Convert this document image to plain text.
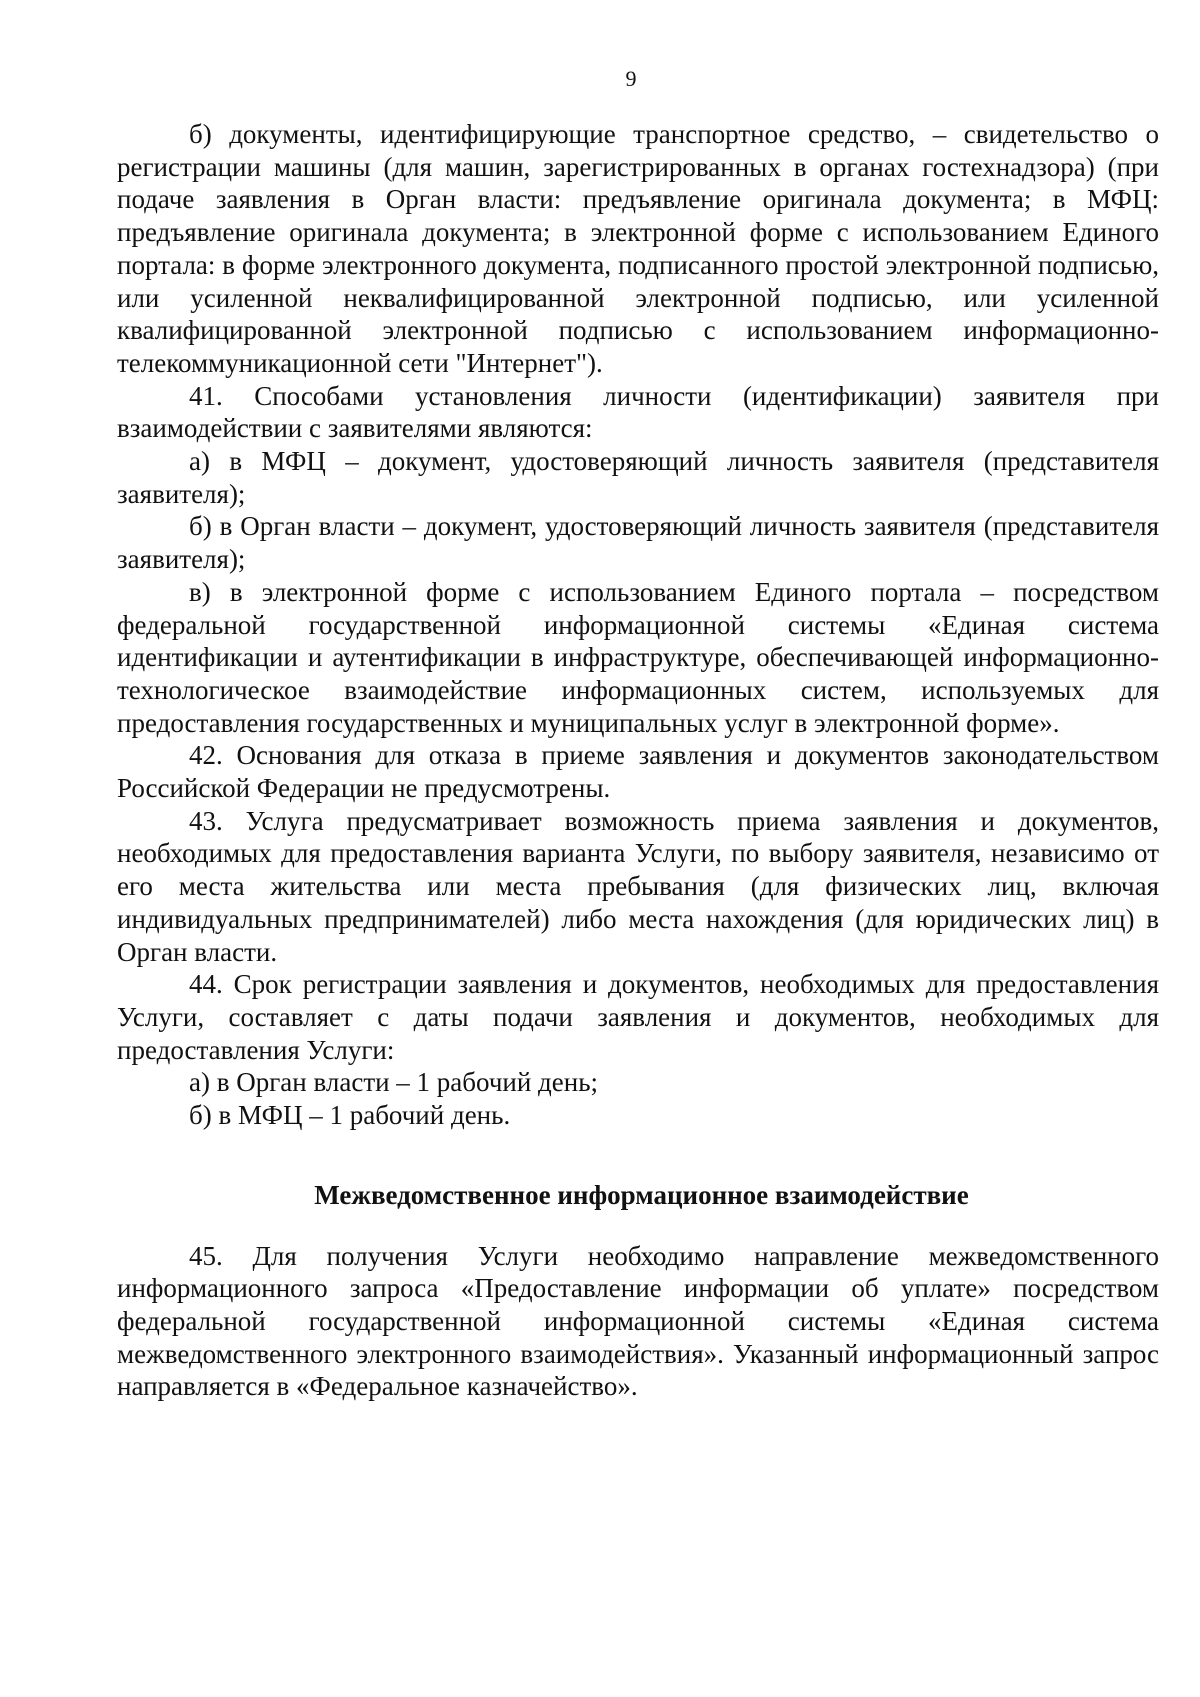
9

б) документы, идентифицирующие транспортное средство, – свидетельство о регистрации машины (для машин, зарегистрированных в органах гостехнадзора) (при подаче заявления в Орган власти: предъявление оригинала документа; в МФЦ: предъявление оригинала документа; в электронной форме с использованием Единого портала: в форме электронного документа, подписанного простой электронной подписью, или усиленной неквалифицированной электронной подписью, или усиленной квалифицированной электронной подписью с использованием информационно-телекоммуникационной сети "Интернет").

41. Способами установления личности (идентификации) заявителя при взаимодействии с заявителями являются:

а) в МФЦ – документ, удостоверяющий личность заявителя (представителя заявителя);

б) в Орган власти – документ, удостоверяющий личность заявителя (представителя заявителя);

в) в электронной форме с использованием Единого портала – посредством федеральной государственной информационной системы «Единая система идентификации и аутентификации в инфраструктуре, обеспечивающей информационно-технологическое взаимодействие информационных систем, используемых для предоставления государственных и муниципальных услуг в электронной форме».

42. Основания для отказа в приеме заявления и документов законодательством Российской Федерации не предусмотрены.

43. Услуга предусматривает возможность приема заявления и документов, необходимых для предоставления варианта Услуги, по выбору заявителя, независимо от его места жительства или места пребывания (для физических лиц, включая индивидуальных предпринимателей) либо места нахождения (для юридических лиц) в Орган власти.

44. Срок регистрации заявления и документов, необходимых для предоставления Услуги, составляет с даты подачи заявления и документов, необходимых для предоставления Услуги:

а) в Орган власти – 1 рабочий день;

б) в МФЦ – 1 рабочий день.

Межведомственное информационное взаимодействие

45. Для получения Услуги необходимо направление межведомственного информационного запроса «Предоставление информации об уплате» посредством федеральной государственной информационной системы «Единая система межведомственного электронного взаимодействия». Указанный информационный запрос направляется в «Федеральное казначейство».
